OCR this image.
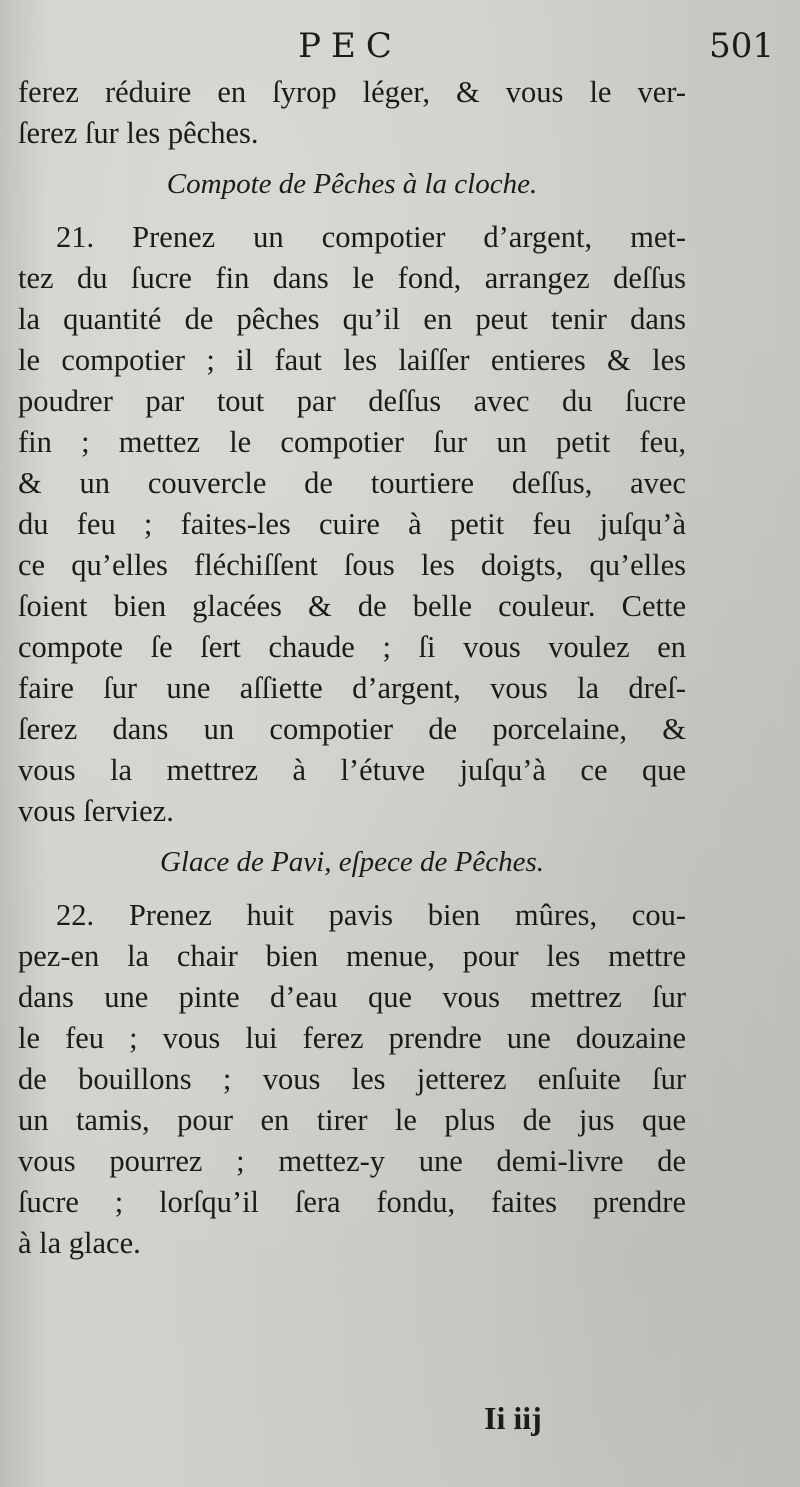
PEC	501
ferez réduire en ſyrop léger, & vous le ver-
ſerez ſur les pêches.
Compote de Pêches à la cloche.
21. Prenez un compotier d’argent, met-
tez du ſucre fin dans le fond, arrangez deſſus
la quantité de pêches qu’il en peut tenir dans
le compotier ; il faut les laiſſer entieres & les
poudrer par tout par deſſus avec du ſucre
fin ; mettez le compotier ſur un petit feu,
& un couvercle de tourtiere deſſus, avec
du feu ; faites-les cuire à petit feu juſqu’à
ce qu’elles fléchiſſent ſous les doigts, qu’elles
ſoient bien glacées & de belle couleur. Cette
compote ſe ſert chaude ; ſi vous voulez en
faire ſur une aſſiette d’argent, vous la dreſ-
ſerez dans un compotier de porcelaine, &
vous la mettrez à l’étuve juſqu’à ce que
vous ſerviez.
Glace de Pavi, eſpece de Pêches.
22. Prenez huit pavis bien mûres, cou-
pez-en la chair bien menue, pour les mettre
dans une pinte d’eau que vous mettrez ſur
le feu ; vous lui ferez prendre une douzaine
de bouillons ; vous les jetterez enſuite ſur
un tamis, pour en tirer le plus de jus que
vous pourrez ; mettez-y une demi-livre de
ſucre ; lorſqu’il ſera fondu, faites prendre
à la glace.
Ii iij
